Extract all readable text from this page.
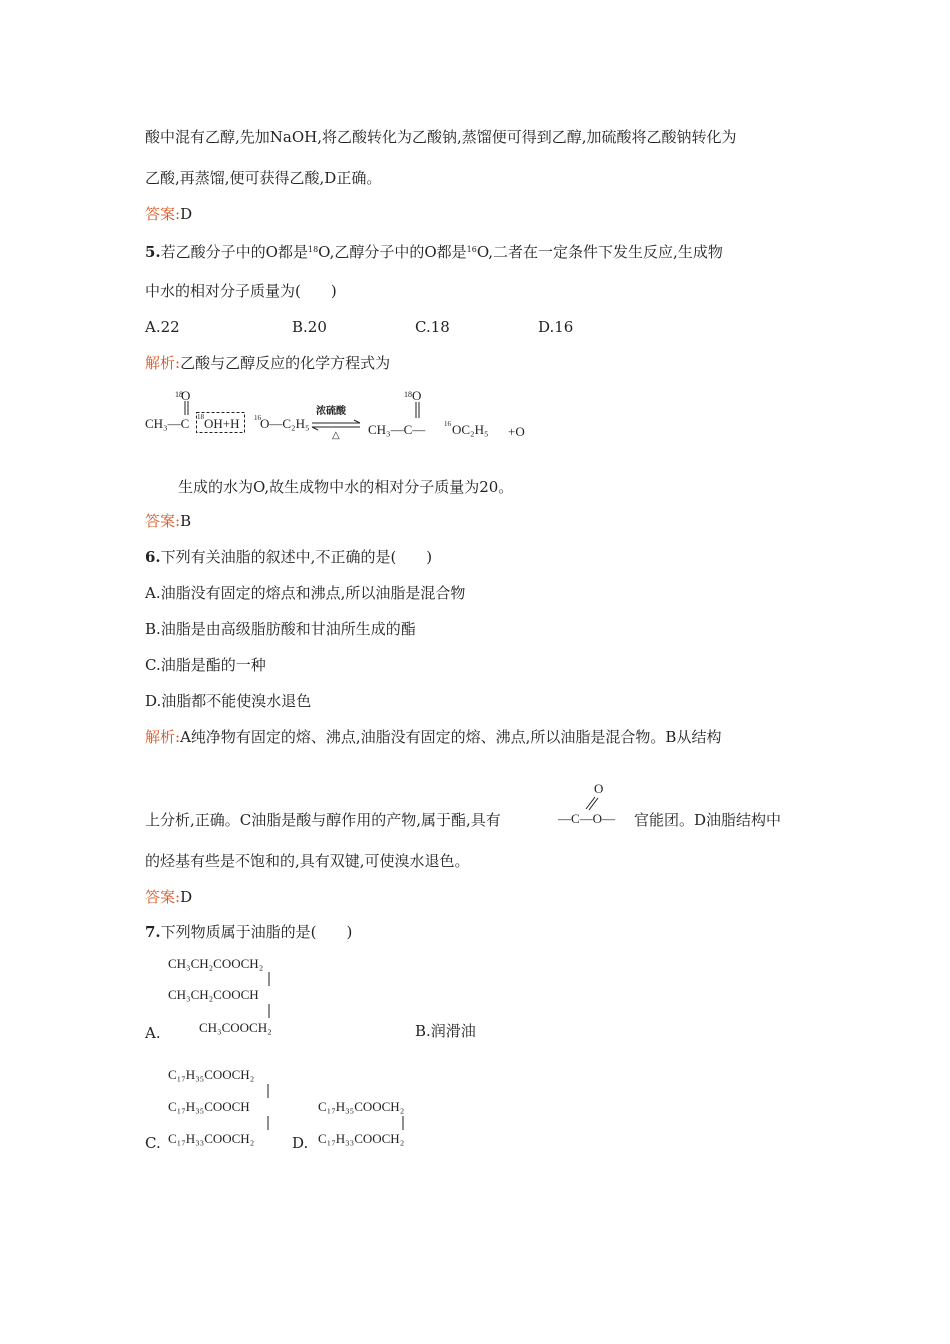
酸中混有乙醇,先加NaOH,将乙酸转化为乙酸钠,蒸馏便可得到乙醇,加硫酸将乙酸钠转化为
乙酸,再蒸馏,便可获得乙酸,D正确。
答案:D
5.若乙酸分子中的O都是$^{18}$O,乙醇分子中的O都是$^{16}$O,二者在一定条件下发生反应,生成物
中水的相对分子质量为(　　)
A.22	B.20	C.18	D.16
解析:乙酸与乙醇反应的化学方程式为
18
O
CH₃—C 18 OH+H 16 O—C₂H₅
浓硫酸
△
18 O
CH₃—C—	16 OC₂H₅ +O
生成的水为O,故生成物中水的相对分子质量为20。
答案:B
6.下列有关油脂的叙述中,不正确的是(　　)
A.油脂没有固定的熔点和沸点,所以油脂是混合物
B.油脂是由高级脂肪酸和甘油所生成的酯
C.油脂是酯的一种
D.油脂都不能使溴水退色
解析:A纯净物有固定的熔、沸点,油脂没有固定的熔、沸点,所以油脂是混合物。B从结构
上分析,正确。C油脂是酸与醇作用的产物,属于酯,具有
O
—C—O— 官能团。D油脂结构中
的烃基有些是不饱和的,具有双键,可使溴水退色。
答案:D
7.下列物质属于油脂的是(　　)
A.
CH₃CH₂COOCH₂
CH₃CH₂COOCH
CH₃COOCH₂	B.润滑油
C.
C₁₇H₃₅COOCH₂
C₁₇H₃₅COOCH
C₁₇H₃₃COOCH₂	D.
C₁₇H₃₅COOCH₂
C₁₇H₃₃COOCH₂
